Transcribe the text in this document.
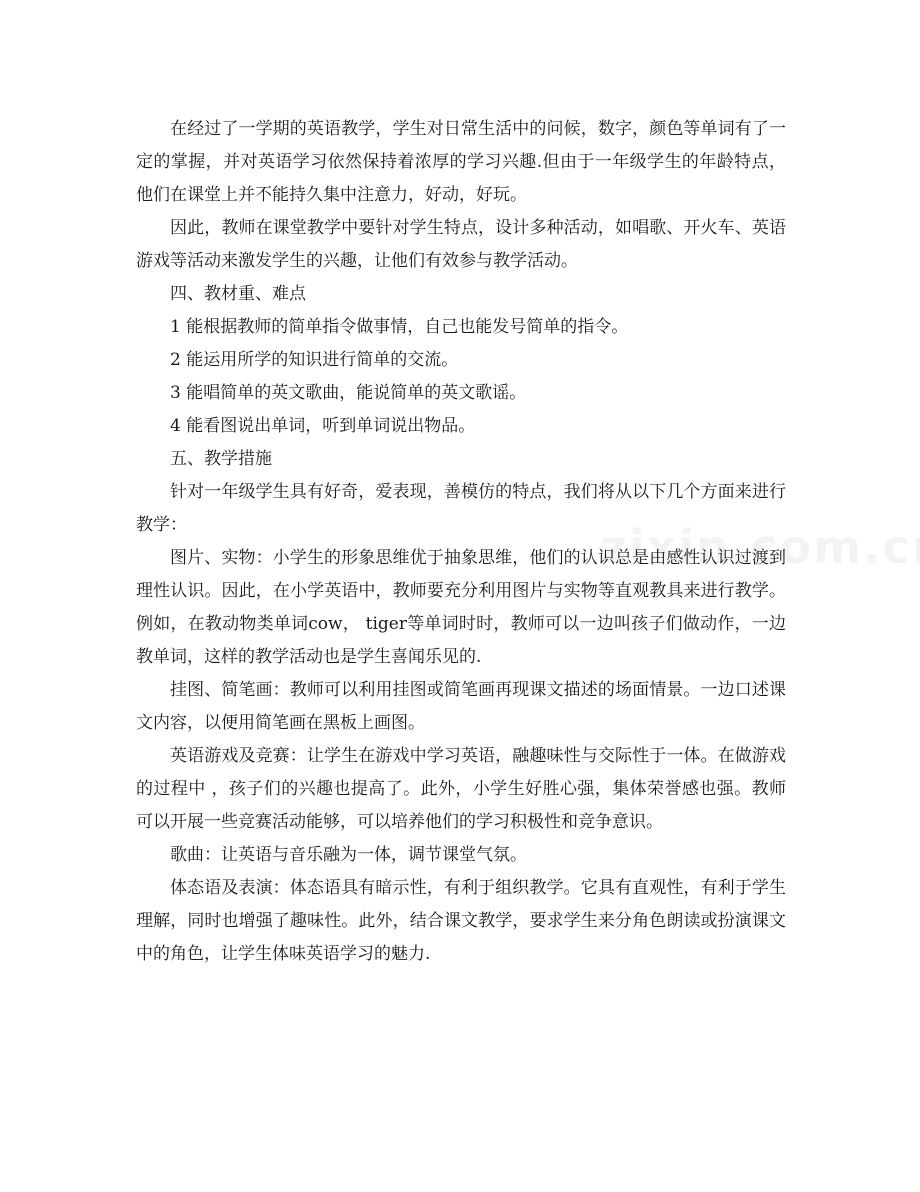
在经过了一学期的英语教学，学生对日常生活中的问候，数字，颜色等单词有了一定的掌握，并对英语学习依然保持着浓厚的学习兴趣.但由于一年级学生的年龄特点，他们在课堂上并不能持久集中注意力，好动，好玩。

因此，教师在课堂教学中要针对学生特点，设计多种活动，如唱歌、开火车、英语游戏等活动来激发学生的兴趣，让他们有效参与教学活动。

四、教材重、难点

1 能根据教师的简单指令做事情，自己也能发号简单的指令。

2 能运用所学的知识进行简单的交流。

3 能唱简单的英文歌曲，能说简单的英文歌谣。

4 能看图说出单词，听到单词说出物品。

五、教学措施

针对一年级学生具有好奇，爱表现，善模仿的特点，我们将从以下几个方面来进行教学：

图片、实物：小学生的形象思维优于抽象思维，他们的认识总是由感性认识过渡到理性认识。因此，在小学英语中，教师要充分利用图片与实物等直观教具来进行教学。例如，在教动物类单词cow， tiger等单词时时，教师可以一边叫孩子们做动作，一边教单词，这样的教学活动也是学生喜闻乐见的.

挂图、简笔画：教师可以利用挂图或简笔画再现课文描述的场面情景。一边口述课文内容，以便用简笔画在黑板上画图。

英语游戏及竞赛：让学生在游戏中学习英语，融趣味性与交际性于一体。在做游戏的过程中 ，孩子们的兴趣也提高了。此外，小学生好胜心强，集体荣誉感也强。教师可以开展一些竞赛活动能够，可以培养他们的学习积极性和竞争意识。

歌曲：让英语与音乐融为一体，调节课堂气氛。

体态语及表演：体态语具有暗示性，有利于组织教学。它具有直观性，有利于学生理解，同时也增强了趣味性。此外，结合课文教学，要求学生来分角色朗读或扮演课文中的角色，让学生体味英语学习的魅力.
